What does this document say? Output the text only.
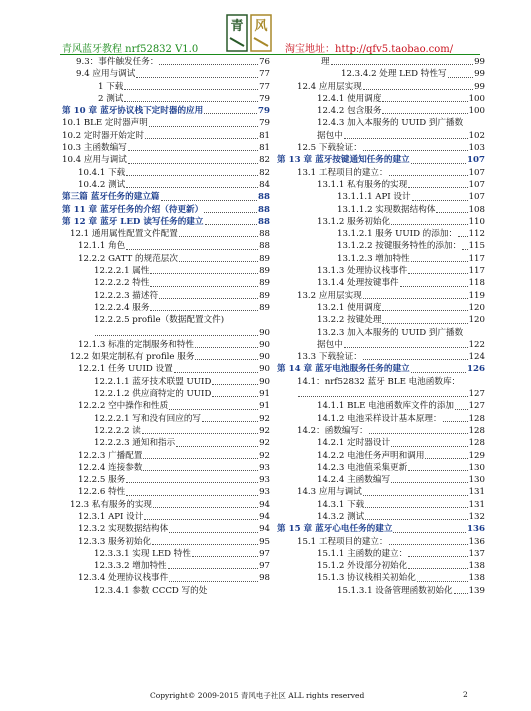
青风蓝牙教程 nrf52832 V1.0
青 风
淘宝地址：http://qfv5.taobao.com/
9.3：事件触发任务：	76
9.4 应用与调试	77
1 下载	77
2 测试	79
第 10 章 蓝牙协议栈下定时器的应用	79
10.1 BLE 定时器声明	79
10.2 定时器开始定时	81
10.3 主函数编写	81
10.4 应用与调试	82
10.4.1 下载	82
10.4.2 测试	84
第三篇 蓝牙任务的建立篇	88
第 11 章 蓝牙任务的介绍（待更新）	88
第 12 章 蓝牙 LED 读写任务的建立	88
12.1 通用属性配置文件配置	88
12.1.1 角色	88
12.2.2 GATT 的规范层次	89
12.2.2.1 属性	89
12.2.2.2 特性	89
12.2.2.3 描述符	89
12.2.2.4 服务	89
12.2.2.5 profile（数据配置文件)
90
12.1.3 标准的定制服务和特性	90
12.2 如果定制私有 profile 服务	90
12.2.1 任务 UUID 设置	90
12.2.1.1 蓝牙技术联盟 UUID	90
12.2.1.2 供应商特定的 UUID	91
12.2.2 空中操作和性质	91
12.2.2.1 写和没有回应的写	92
12.2.2.2 读	92
12.2.2.3 通知和指示	92
12.2.3 广播配置	92
12.2.4 连接参数	93
12.2.5 服务	93
12.2.6 特性	93
12.3 私有服务的实现	94
12.3.1 API 设计	94
12.3.2 实现数据结构体	94
12.3.3 服务初始化	95
12.3.3.1 实现 LED 特性	97
12.3.3.2 增加特性	97
12.3.4 处理协议栈事件	98
12.3.4.1 参数 CCCD 写的处
理	99
12.3.4.2 处理 LED 特性写	99
12.4 应用层实现	99
12.4.1 使用调度	100
12.4.2 包含服务	100
12.4.3 加入本服务的 UUID 到广播数
据包中	102
12.5 下载验证：	103
第 13 章 蓝牙按键通知任务的建立	107
13.1 工程项目的建立：	107
13.1.1 私有服务的实现	107
13.1.1.1 API 设计	107
13.1.1.2 实现数据结构体	108
13.1.2 服务初始化	110
13.1.2.1 服务 UUID 的添加： 112
13.1.2.2 按键服务特性的添加： 115
13.1.2.3 增加特性	117
13.1.3 处理协议栈事件	117
13.1.4 处理按键事件	118
13.2 应用层实现	119
13.2.1 使用调度	120
13.2.2 按键处理	120
13.2.3 加入本服务的 UUID 到广播数
据包中	122
13.3 下载验证：	124
第 14 章 蓝牙电池服务任务的建立	126
14.1：nrf52832 蓝牙 BLE 电池函数库：
127
14.1.1 BLE 电池函数库文件的添加 127
14.1.2 电池采样设计基本原理：	128
14.2：函数编写：	128
14.2.1 定时器设计	128
14.2.2 电池任务声明和调用	129
14.2.3 电池值采集更新	130
14.2.4 主函数编写	130
14.3 应用与调试	131
14.3.1 下载	131
14.3.2 测试	132
第 15 章 蓝牙心电任务的建立	136
15.1 工程项目的建立：	136
15.1.1 主函数的建立：	137
15.1.2 外设部分初始化	138
15.1.3 协议栈相关初始化	138
15.1.3.1 设备管理函数初始化 139
Copyright© 2009-2015 青风电子社区 ALL rights reserved	2
